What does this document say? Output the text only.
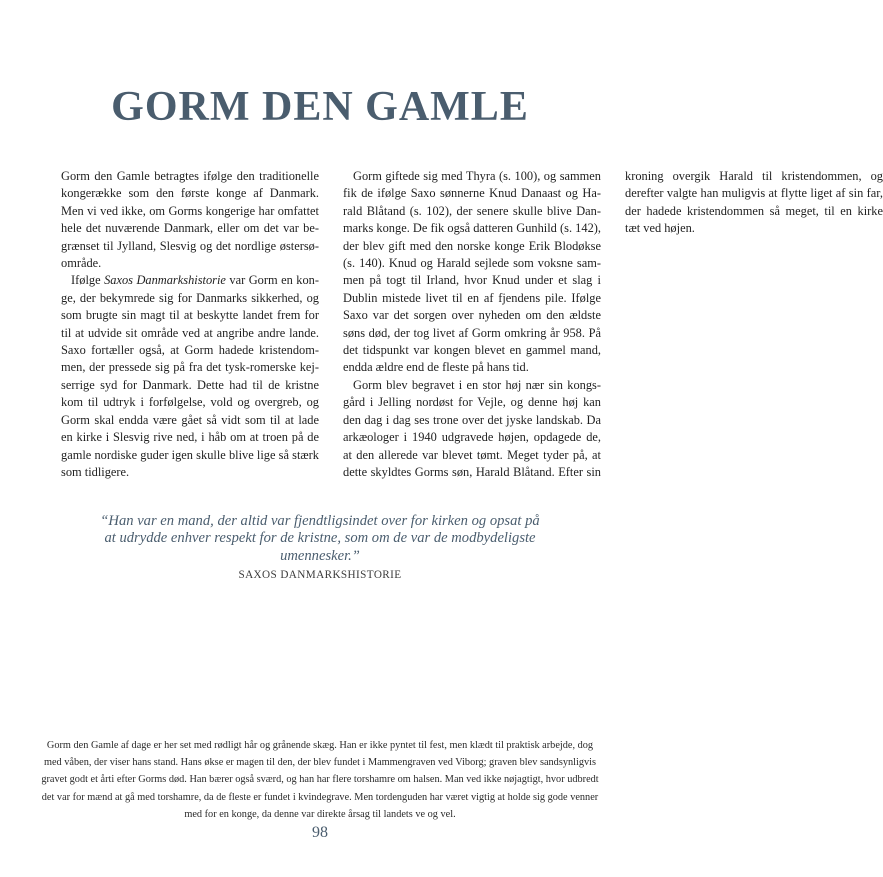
GORM DEN GAMLE

Gorm den Gamle betragtes ifølge den traditionelle kongerække som den første konge af Danmark. Men vi ved ikke, om Gorms kongerige har omfattet hele det nuværende Danmark, eller om det var begrænset til Jylland, Slesvig og det nordlige østersøområde.

Ifølge Saxos Danmarkshistorie var Gorm en konge, der bekymrede sig for Danmarks sikkerhed, og som brugte sin magt til at beskytte landet frem for til at udvide sit område ved at angribe andre lande. Saxo fortæller også, at Gorm hadede kristendommen, der pressede sig på fra det tysk-romerske kejserrige syd for Danmark. Dette had til de kristne kom til udtryk i forfølgelse, vold og overgreb, og Gorm skal endda være gået så vidt som til at lade en kirke i Slesvig rive ned, i håb om at troen på de gamle nordiske guder igen skulle blive lige så stærk som tidligere.

Gorm giftede sig med Thyra (s. 100), og sammen fik de ifølge Saxo sønnerne Knud Danaast og Harald Blåtand (s. 102), der senere skulle blive Danmarks konge. De fik også datteren Gunhild (s. 142), der blev gift med den norske konge Erik Blodøkse (s. 140). Knud og Harald sejlede som voksne sammen på togt til Irland, hvor Knud under et slag i Dublin mistede livet til en af fjendens pile. Ifølge Saxo var det sorgen over nyheden om den ældste søns død, der tog livet af Gorm omkring år 958. På det tidspunkt var kongen blevet en gammel mand, endda ældre end de fleste på hans tid.

Gorm blev begravet i en stor høj nær sin kongsgård i Jelling nordøst for Vejle, og denne høj kan den dag i dag ses trone over det jyske landskab. Da arkæologer i 1940 udgravede højen, opdagede de, at den allerede var blevet tømt. Meget tyder på, at dette skyldtes Gorms søn, Harald Blåtand. Efter sin kroning overgik Harald til kristendommen, og derefter valgte han muligvis at flytte liget af sin far, der hadede kristendommen så meget, til en kirke tæt ved højen.

“Han var en mand, der altid var fjendtligsindet over for kirken og opsat på at udrydde enhver respekt for de kristne, som om de var de modbydeligste umennesker.”
SAXOS DANMARKSHISTORIE
Gorm den Gamle af dage er her set med rødligt hår og grånende skæg. Han er ikke pyntet til fest, men klædt til praktisk arbejde, dog med våben, der viser hans stand. Hans økse er magen til den, der blev fundet i Mammengraven ved Viborg; graven blev sandsynligvis gravet godt et årti efter Gorms død. Han bærer også sværd, og han har flere torshamre om halsen. Man ved ikke nøjagtigt, hvor udbredt det var for mænd at gå med torshamre, da de fleste er fundet i kvindegrave. Men tordenguden har været vigtig at holde sig gode venner med for en konge, da denne var direkte årsag til landets ve og vel.
98
